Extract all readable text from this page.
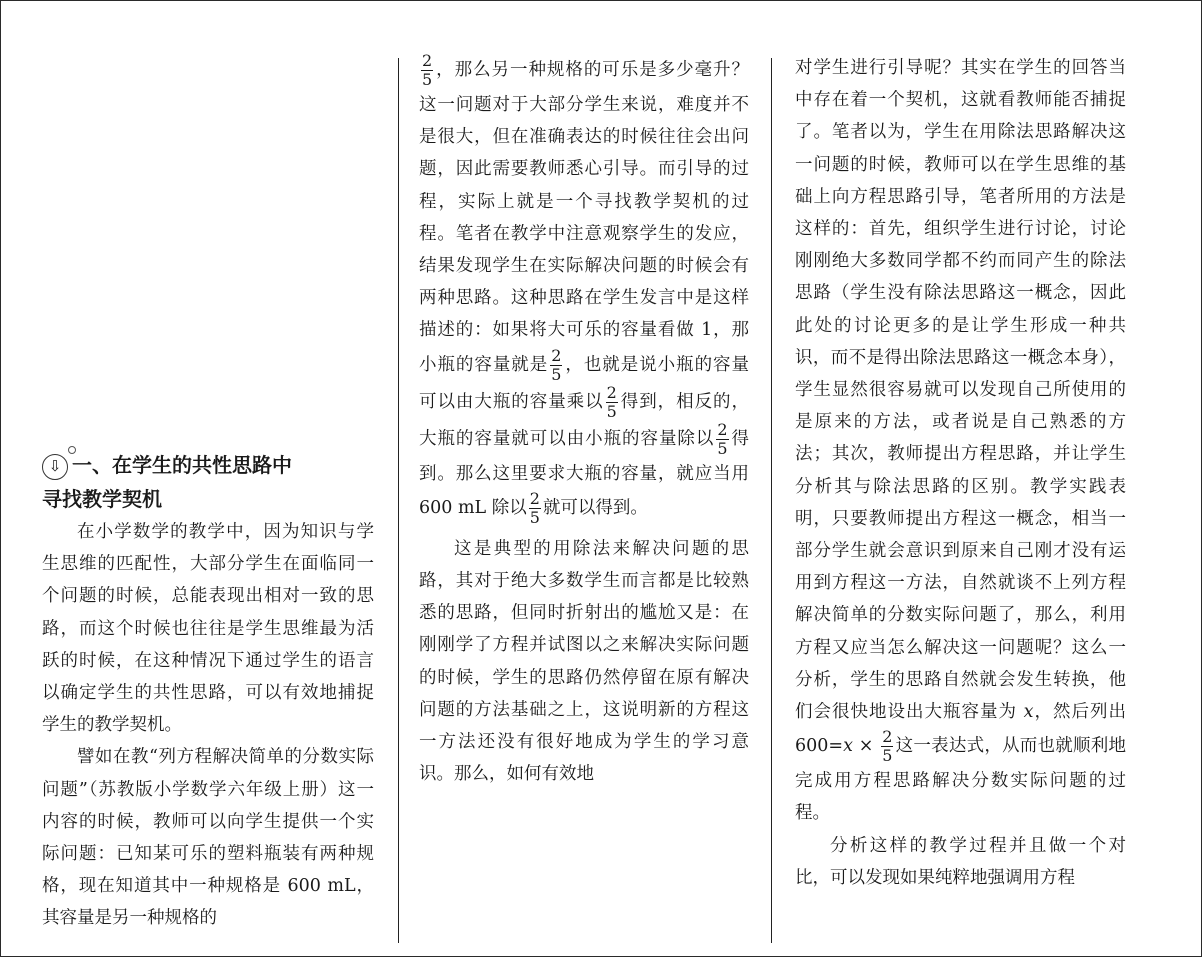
⇩ 一、在学生的共性思路中
寻找教学契机

在小学数学的教学中，因为知识与学生思维的匹配性，大部分学生在面临同一个问题的时候，总能表现出相对一致的思路，而这个时候也往往是学生思维最为活跃的时候，在这种情况下通过学生的语言以确定学生的共性思路，可以有效地捕捉学生的教学契机。

譬如在教“列方程解决简单的分数实际问题”（苏教版小学数学六年级上册）这一内容的时候，教师可以向学生提供一个实际问题：已知某可乐的塑料瓶装有两种规格，现在知道其中一种规格是 600 mL，其容量是另一种规格的

$\frac{2}{5}$ ，那么另一种规格的可乐是多少毫升？这一问题对于大部分学生来说，难度并不是很大，但在准确表达的时候往往会出问题，因此需要教师悉心引导。而引导的过程，实际上就是一个寻找教学契机的过程。笔者在教学中注意观察学生的发应，结果发现学生在实际解决问题的时候会有两种思路。这种思路在学生发言中是这样描述的：如果将大可乐的容量看做 1，那小瓶的容量就是 $\frac{2}{5}$ ，也就是说小瓶的容量可以由大瓶的容量乘以 $\frac{2}{5}$ 得到，相反的，大瓶的容量就可以由小瓶的容量除以 $\frac{2}{5}$ 得到。那么这里要求大瓶的容量，就应当用 600 mL 除以 $\frac{2}{5}$ 就可以得到。

这是典型的用除法来解决问题的思路，其对于绝大多数学生而言都是比较熟悉的思路，但同时折射出的尴尬又是：在刚刚学了方程并试图以之来解决实际问题的时候，学生的思路仍然停留在原有解决问题的方法基础之上，这说明新的方程这一方法还没有很好地成为学生的学习意识。那么，如何有效地

对学生进行引导呢？其实在学生的回答当中存在着一个契机，这就看教师能否捕捉了。笔者以为，学生在用除法思路解决这一问题的时候，教师可以在学生思维的基础上向方程思路引导，笔者所用的方法是这样的：首先，组织学生进行讨论，讨论刚刚绝大多数同学都不约而同产生的除法思路（学生没有除法思路这一概念，因此此处的讨论更多的是让学生形成一种共识，而不是得出除法思路这一概念本身），学生显然很容易就可以发现自己所使用的是原来的方法，或者说是自己熟悉的方法；其次，教师提出方程思路，并让学生分析其与除法思路的区别。教学实践表明，只要教师提出方程这一概念，相当一部分学生就会意识到原来自己刚才没有运用到方程这一方法，自然就谈不上列方程解决简单的分数实际问题了，那么，利用方程又应当怎么解决这一问题呢？这么一分析，学生的思路自然就会发生转换，他们会很快地设出大瓶容量为 x，然后列出 $600=x \times \frac{2}{5}$ 这一表达式，从而也就顺利地完成用方程思路解决分数实际问题的过程。

分析这样的教学过程并且做一个对比，可以发现如果纯粹地强调用方程
